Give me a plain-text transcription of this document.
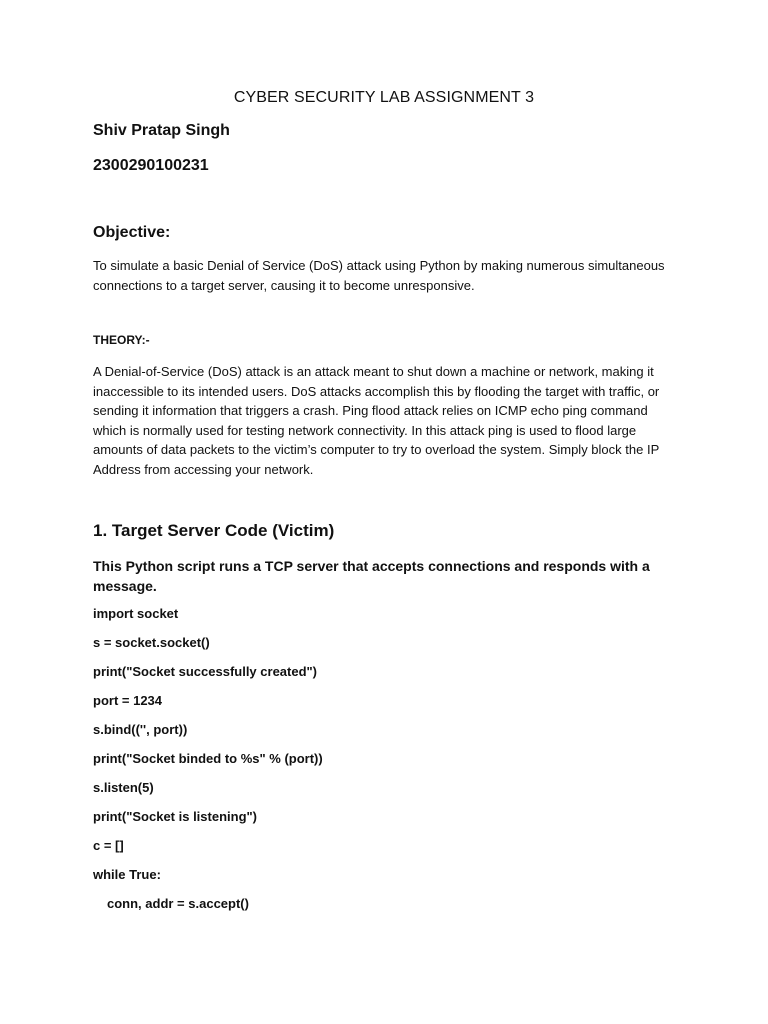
CYBER SECURITY LAB ASSIGNMENT 3
Shiv Pratap Singh
2300290100231
Objective:

To simulate a basic Denial of Service (DoS) attack using Python by making numerous simultaneous connections to a target server, causing it to become unresponsive.

THEORY:-

A Denial-of-Service (DoS) attack is an attack meant to shut down a machine or network, making it inaccessible to its intended users. DoS attacks accomplish this by flooding the target with traffic, or sending it information that triggers a crash. Ping flood attack relies on ICMP echo ping command which is normally used for testing network connectivity. In this attack ping is used to flood large amounts of data packets to the victim’s computer to try to overload the system. Simply block the IP Address from accessing your network.

1. Target Server Code (Victim)

This Python script runs a TCP server that accepts connections and responds with a message.

import socket
s = socket.socket()
print("Socket successfully created")
port = 1234
s.bind(('', port))
print("Socket binded to %s" % (port))
s.listen(5)
print("Socket is listening")
c = []
while True:
conn, addr = s.accept()
